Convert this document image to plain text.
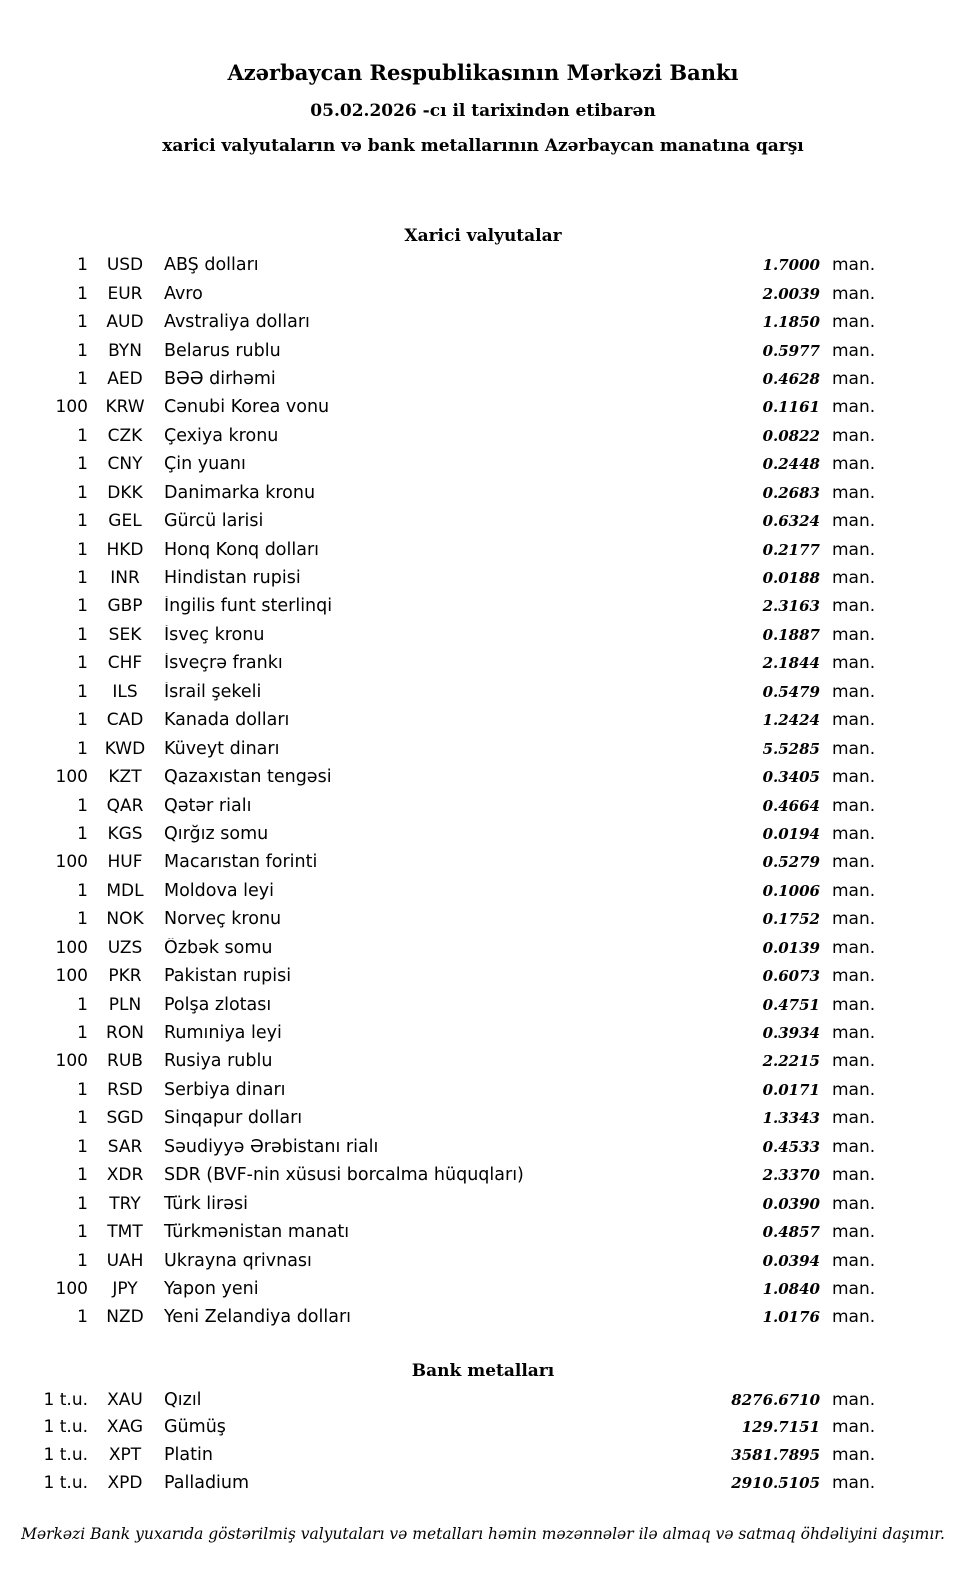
Azərbaycan Respublikasının Mərkəzi Bankı
05.02.2026 -cı il tarixindən etibarən
xarici valyutaların və bank metallarının Azərbaycan manatına qarşı
Xarici valyutalar
1	USD	ABŞ dolları	1.7000 man.
1	EUR	Avro	2.0039 man.
1	AUD	Avstraliya dolları	1.1850 man.
1	BYN	Belarus rublu	0.5977 man.
1	AED	BƏƏ dirhəmi	0.4628 man.
100	KRW	Cənubi Korea vonu	0.1161 man.
1	CZK	Çexiya kronu	0.0822 man.
1	CNY	Çin yuanı	0.2448 man.
1	DKK	Danimarka kronu	0.2683 man.
1	GEL	Gürcü larisi	0.6324 man.
1	HKD	Honq Konq dolları	0.2177 man.
1	INR	Hindistan rupisi	0.0188 man.
1	GBP	İngilis funt sterlinqi	2.3163 man.
1	SEK	İsveç kronu	0.1887 man.
1	CHF	İsveçrə frankı	2.1844 man.
1	ILS	İsrail şekeli	0.5479 man.
1	CAD	Kanada dolları	1.2424 man.
1 KWD	Küveyt dinarı	5.5285 man.
100	KZT	Qazaxıstan tengəsi	0.3405 man.
1	QAR	Qətər rialı	0.4664 man.
1	KGS	Qırğız somu	0.0194 man.
100	HUF	Macarıstan forinti	0.5279 man.
1	MDL	Moldova leyi	0.1006 man.
1	NOK	Norveç kronu	0.1752 man.
100	UZS	Özbək somu	0.0139 man.
100	PKR	Pakistan rupisi	0.6073 man.
1	PLN	Polşa zlotası	0.4751 man.
1	RON	Rumıniya leyi	0.3934 man.
100	RUB	Rusiya rublu	2.2215 man.
1	RSD	Serbiya dinarı	0.0171 man.
1	SGD	Sinqapur dolları	1.3343 man.
1	SAR	Səudiyyə Ərəbistanı rialı	0.4533 man.
1	XDR	SDR (BVF-nin xüsusi borcalma hüquqları)	2.3370 man.
1	TRY	Türk lirəsi	0.0390 man.
1	TMT	Türkmənistan manatı	0.4857 man.
1	UAH	Ukrayna qrivnası	0.0394 man.
100	JPY	Yapon yeni	1.0840 man.
1	NZD	Yeni Zelandiya dolları	1.0176 man.
Bank metalları
1 t.u.	XAU	Qızıl	8276.6710 man.
1 t.u.	XAG	Gümüş	129.7151 man.
1 t.u.	XPT	Platin	3581.7895 man.
1 t.u.	XPD	Palladium	2910.5105 man.
Mərkəzi Bank yuxarıda göstərilmiş valyutaları və metalları həmin məzənnələr ilə almaq və satmaq öhdəliyini daşımır.
